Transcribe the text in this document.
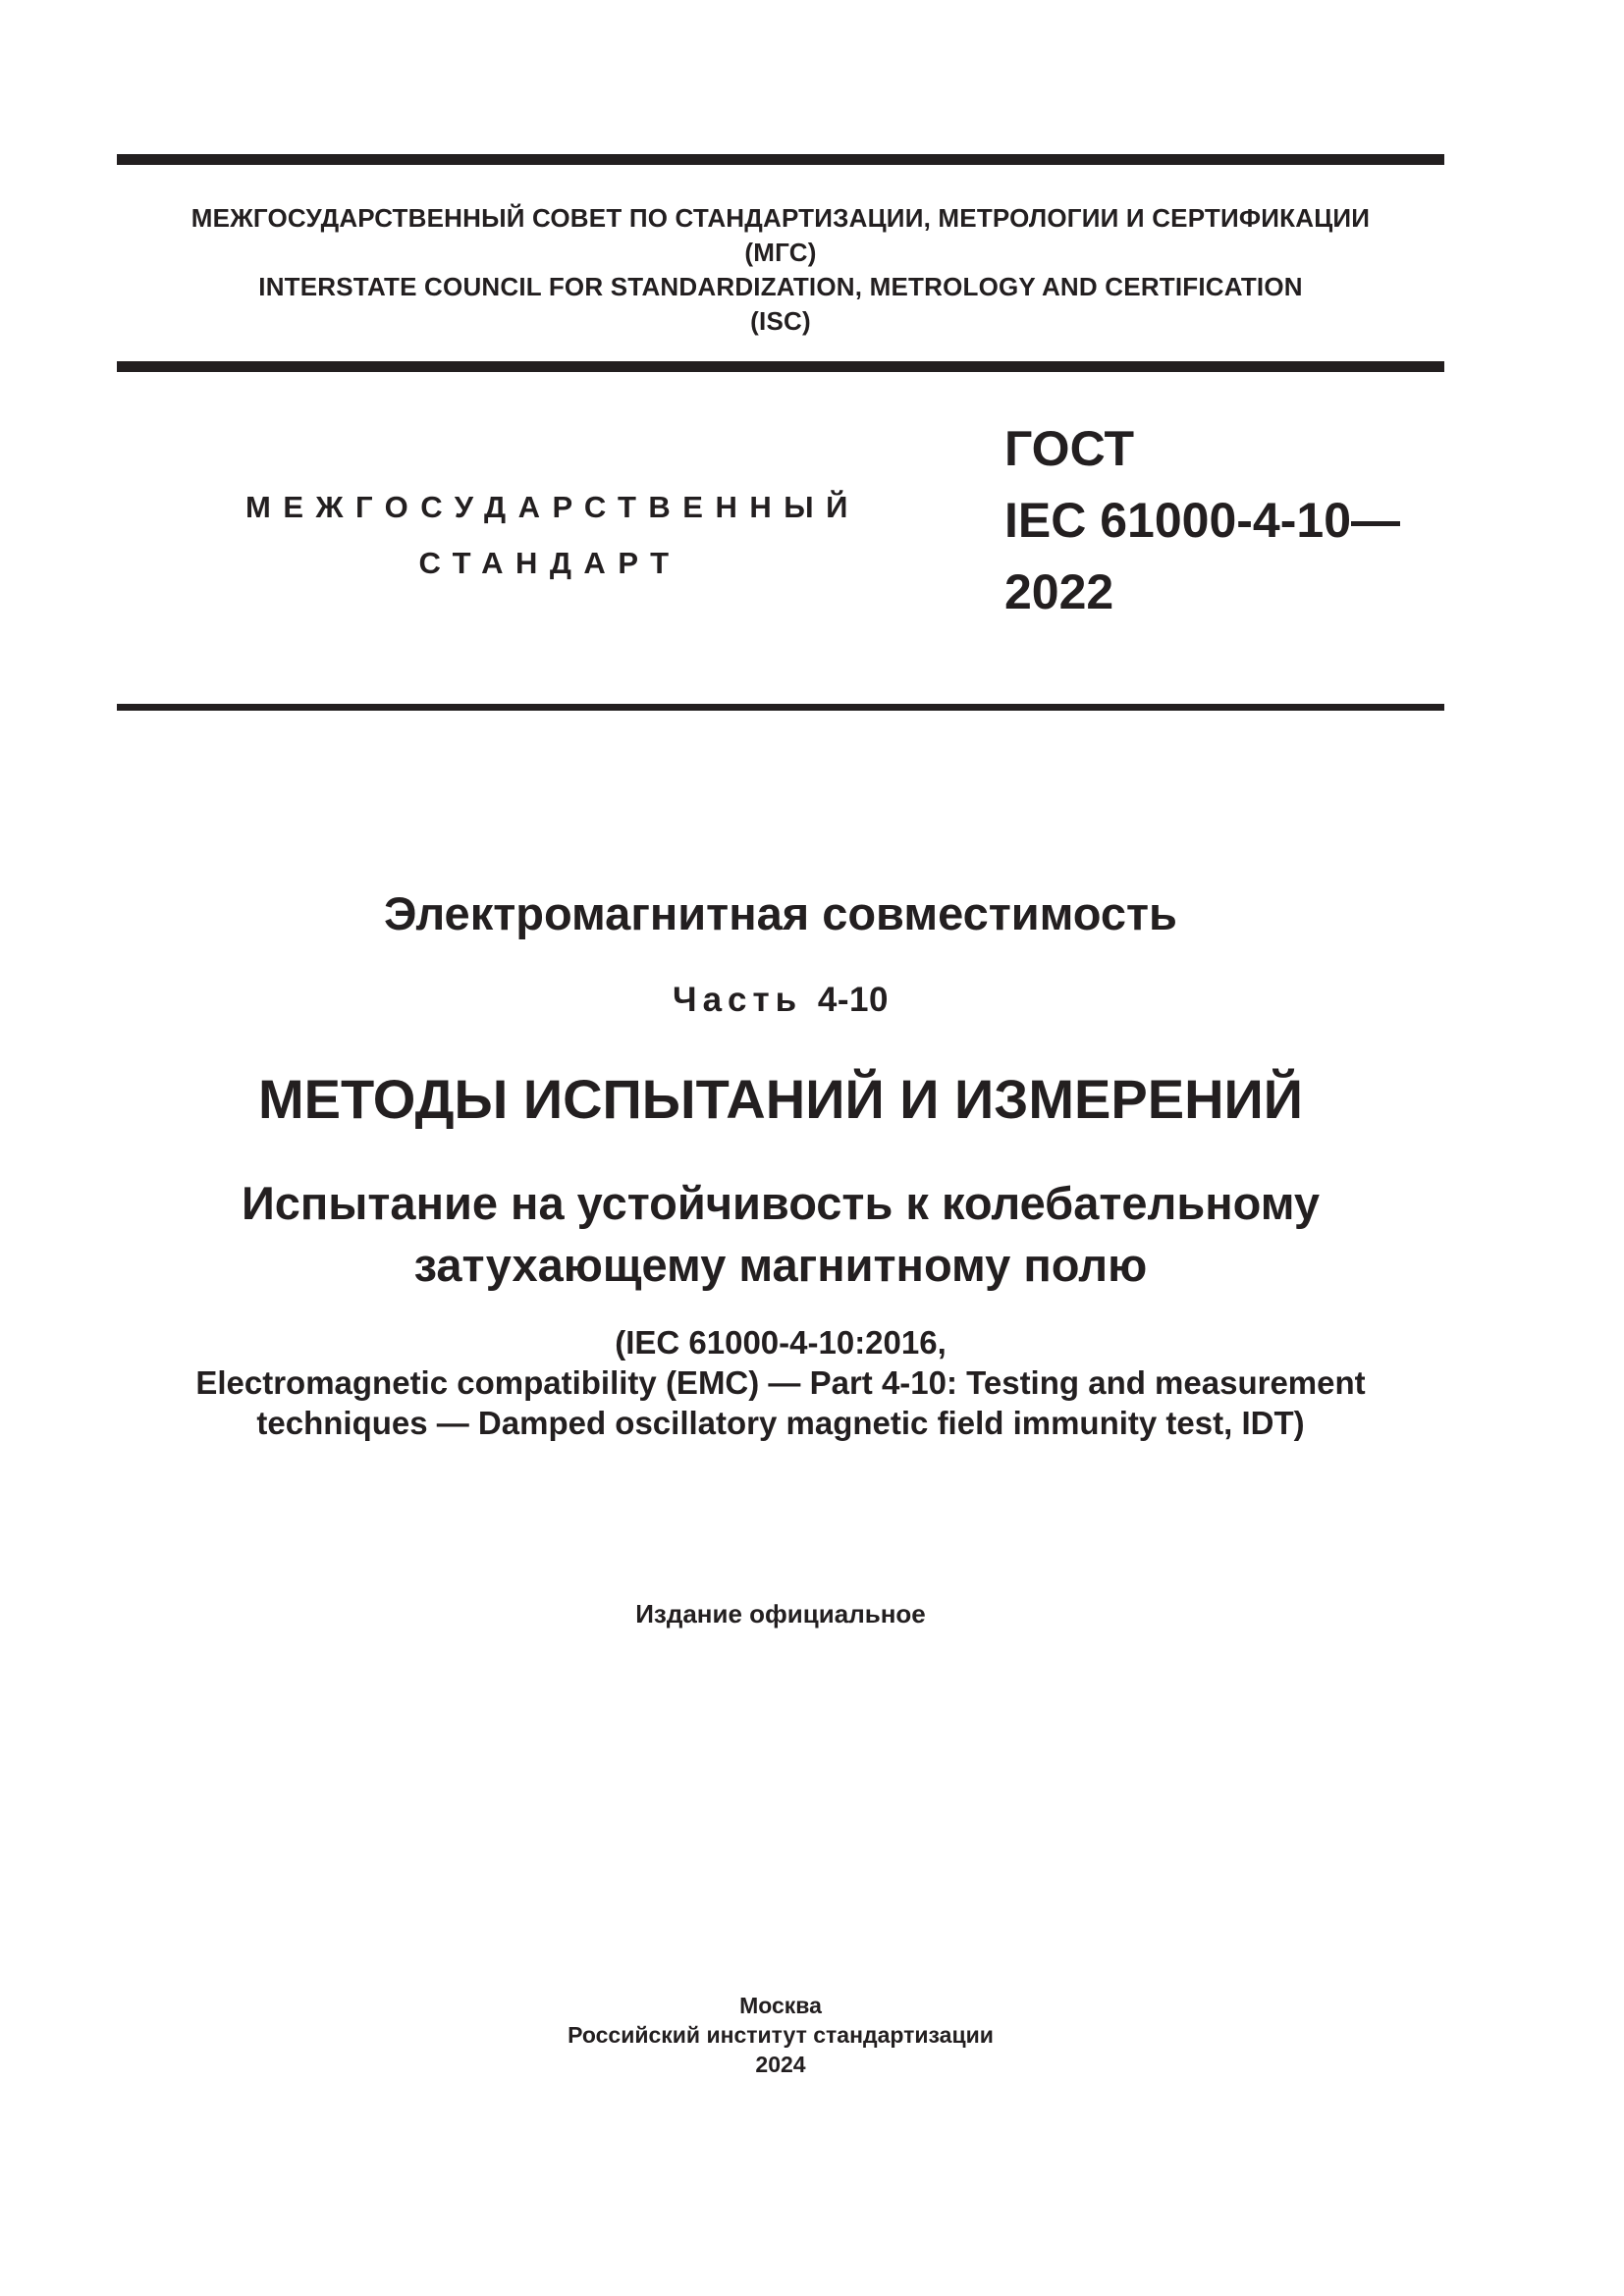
МЕЖГОСУДАРСТВЕННЫЙ СОВЕТ ПО СТАНДАРТИЗАЦИИ, МЕТРОЛОГИИ И СЕРТИФИКАЦИИ
(МГС)
INTERSTATE COUNCIL FOR STANDARDIZATION, METROLOGY AND CERTIFICATION
(ISC)
МЕЖГОСУДАРСТВЕННЫЙ
СТАНДАРТ
ГОСТ
IEC 61000-4-10—
2022
Электромагнитная совместимость
Часть 4-10
МЕТОДЫ ИСПЫТАНИЙ И ИЗМЕРЕНИЙ
Испытание на устойчивость к колебательному
затухающему магнитному полю
(IEC 61000-4-10:2016,
Electromagnetic compatibility (EMC) — Part 4-10: Testing and measurement
techniques — Damped oscillatory magnetic field immunity test, IDT)
Издание официальное
Москва
Российский институт стандартизации
2024
